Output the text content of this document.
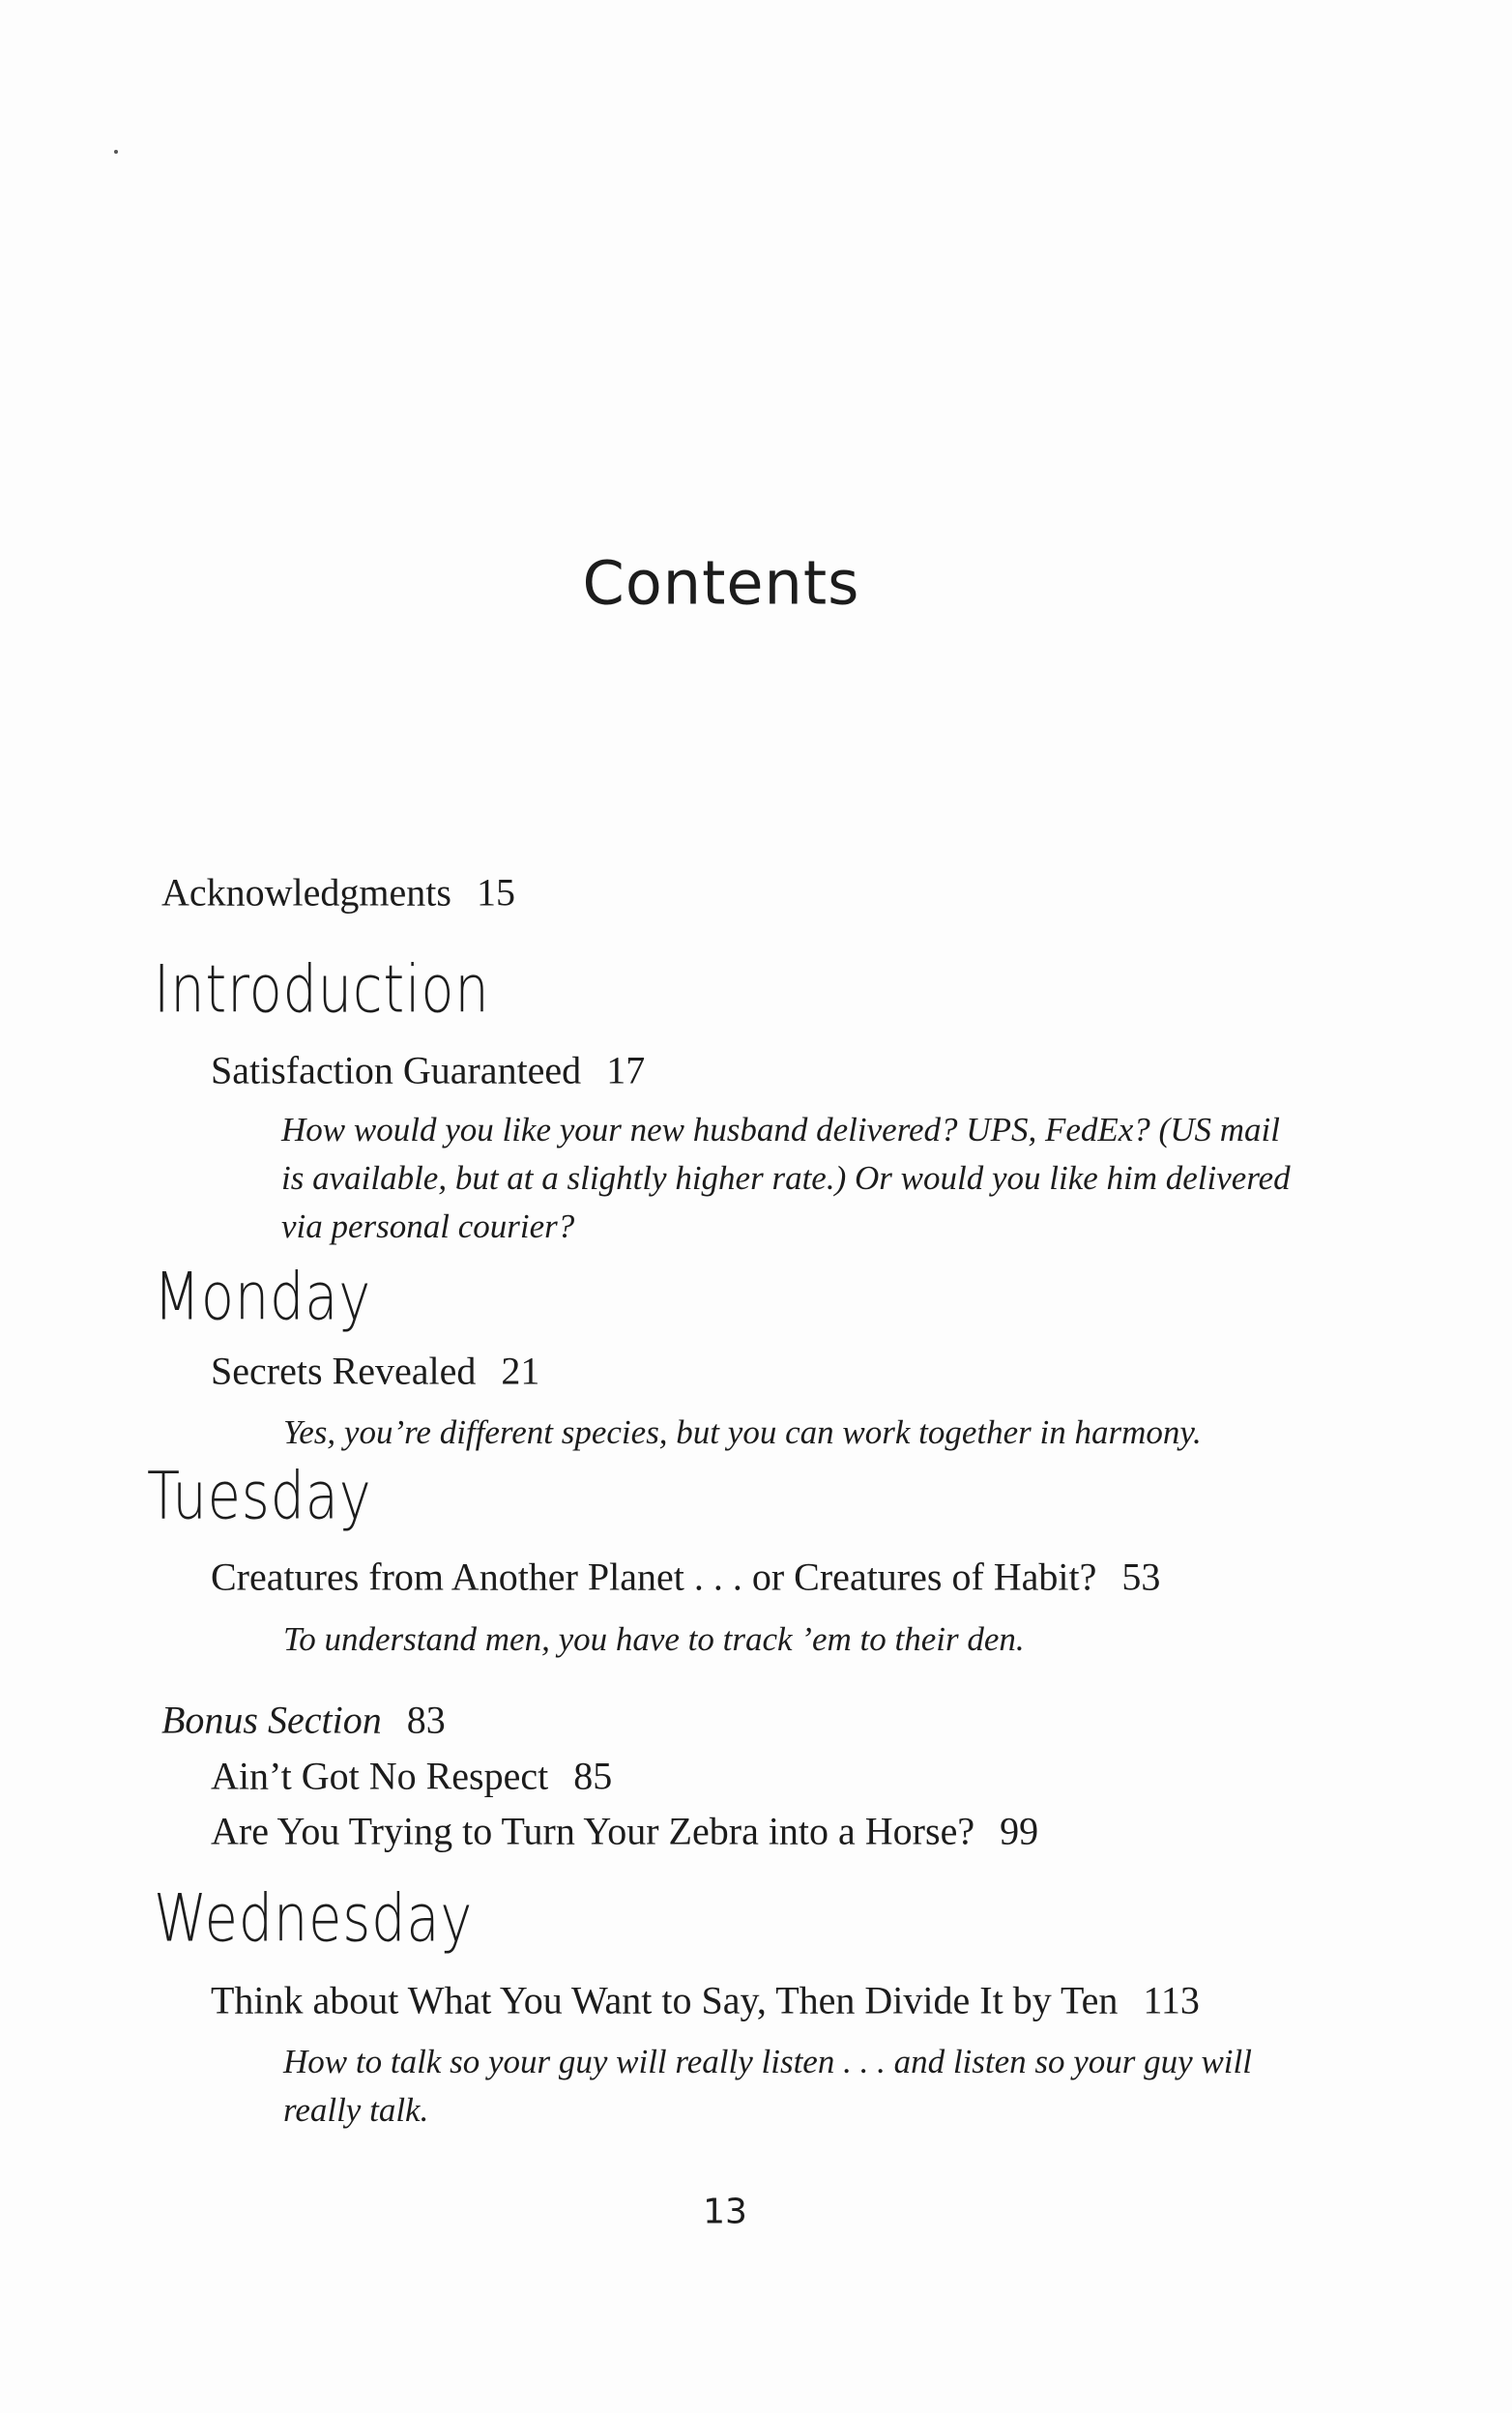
Contents
Acknowledgments 15
Introduction
Satisfaction Guaranteed 17
How would you like your new husband delivered? UPS, FedEx? (US mail is available, but at a slightly higher rate.) Or would you like him delivered via personal courier?
Monday
Secrets Revealed 21
Yes, you’re different species, but you can work together in harmony.
Tuesday
Creatures from Another Planet . . . or Creatures of Habit? 53
To understand men, you have to track ’em to their den.
Bonus Section 83
Ain’t Got No Respect 85
Are You Trying to Turn Your Zebra into a Horse? 99
Wednesday
Think about What You Want to Say, Then Divide It by Ten 113
How to talk so your guy will really listen . . . and listen so your guy will really talk.
13
